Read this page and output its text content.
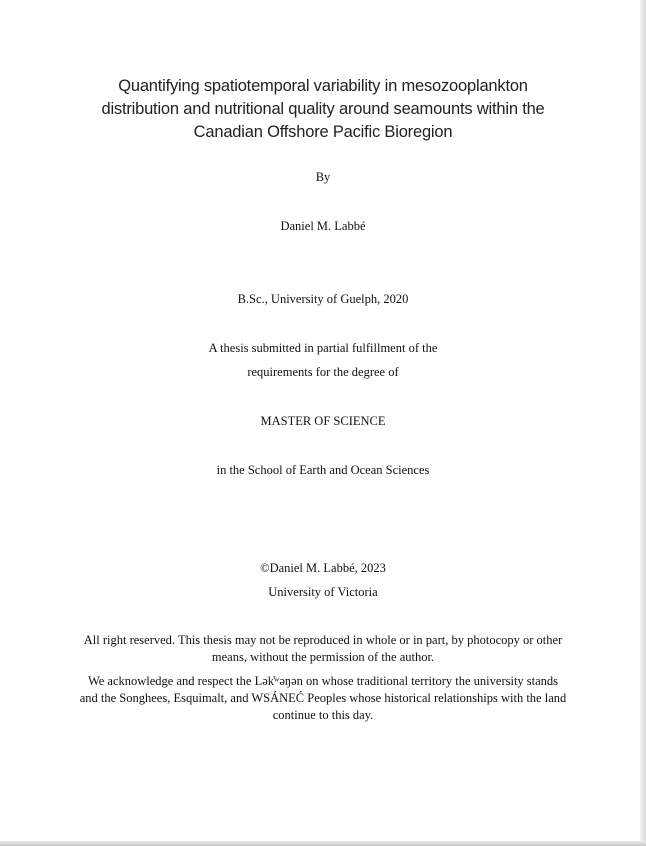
Quantifying spatiotemporal variability in mesozooplankton
distribution and nutritional quality around seamounts within the
Canadian Offshore Pacific Bioregion
By
Daniel M. Labbé
B.Sc., University of Guelph, 2020
A thesis submitted in partial fulfillment of the
requirements for the degree of
MASTER OF SCIENCE
in the School of Earth and Ocean Sciences
©Daniel M. Labbé, 2023
University of Victoria
All right reserved. This thesis may not be reproduced in whole or in part, by photocopy or other
means, without the permission of the author.
We acknowledge and respect the Lək̓ʷəŋən on whose traditional territory the university stands
and the Songhees, Esquimalt, and WSÁNEĆ Peoples whose historical relationships with the land
continue to this day.
